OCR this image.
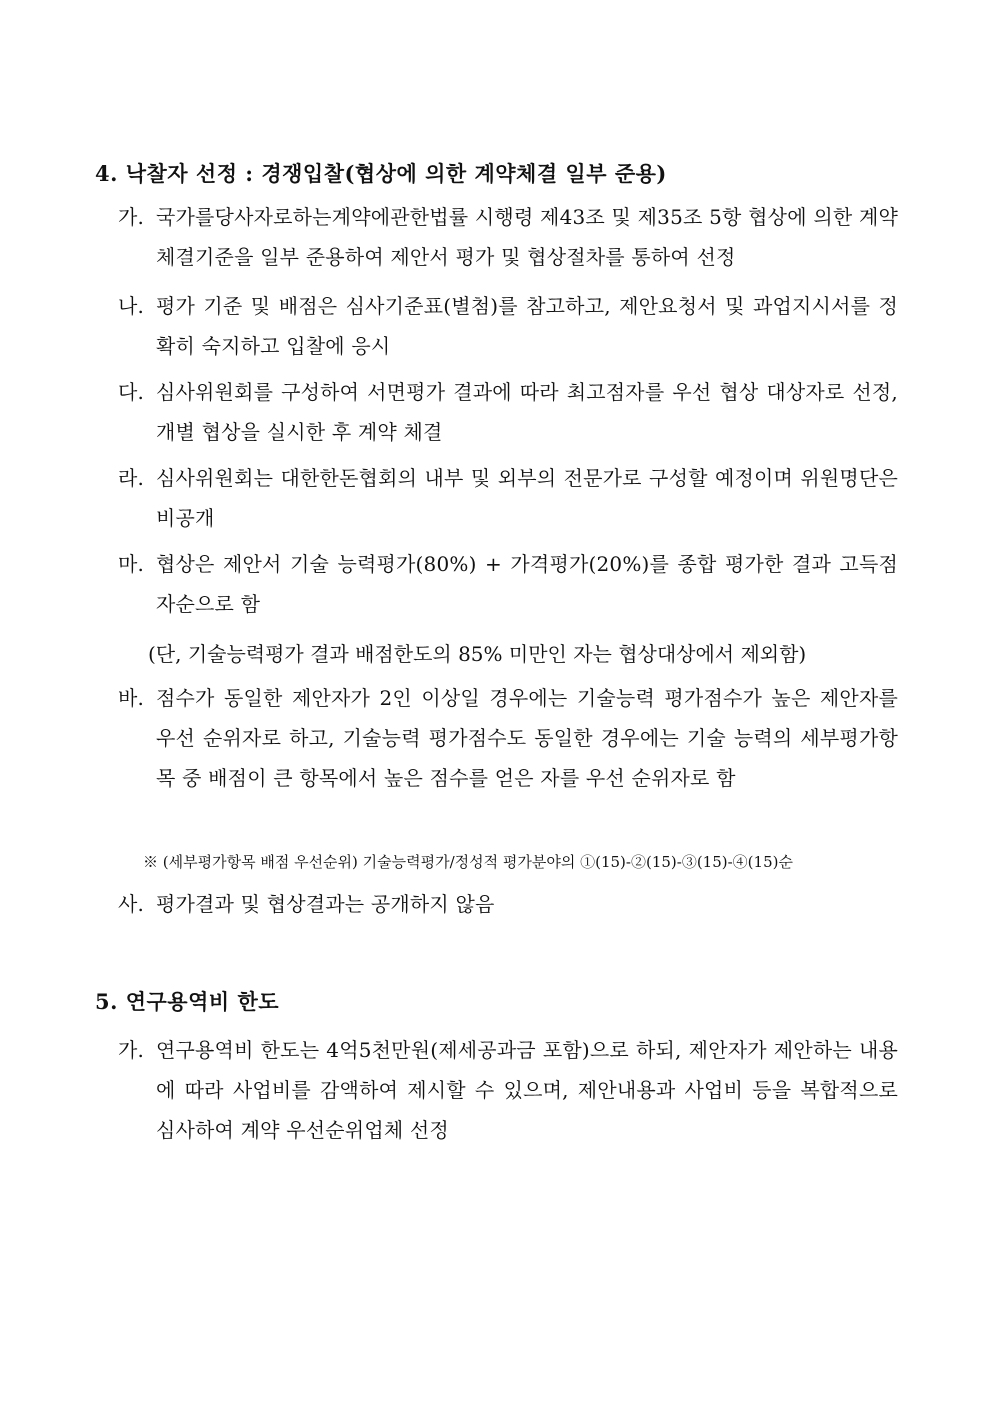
4. 낙찰자 선정 : 경쟁입찰(협상에 의한 계약체결 일부 준용)
가. 국가를당사자로하는계약에관한법률 시행령 제43조 및 제35조 5항 협상에 의한 계약체결기준을 일부 준용하여 제안서 평가 및 협상절차를 통하여 선정
나. 평가 기준 및 배점은 심사기준표(별첨)를 참고하고, 제안요청서 및 과업지시서를 정확히 숙지하고 입찰에 응시
다. 심사위원회를 구성하여 서면평가 결과에 따라 최고점자를 우선 협상 대상자로 선정, 개별 협상을 실시한 후 계약 체결
라. 심사위원회는 대한한돈협회의 내부 및 외부의 전문가로 구성할 예정이며 위원명단은 비공개
마. 협상은 제안서 기술 능력평가(80%) + 가격평가(20%)를 종합 평가한 결과 고득점자순으로 함
(단, 기술능력평가 결과 배점한도의 85% 미만인 자는 협상대상에서 제외함)
바. 점수가 동일한 제안자가 2인 이상일 경우에는 기술능력 평가점수가 높은 제안자를 우선 순위자로 하고, 기술능력 평가점수도 동일한 경우에는 기술 능력의 세부평가항목 중 배점이 큰 항목에서 높은 점수를 얻은 자를 우선 순위자로 함
※ (세부평가항목 배점 우선순위) 기술능력평가/정성적 평가분야의 ①(15)-②(15)-③(15)-④(15)순
사. 평가결과 및 협상결과는 공개하지 않음
5. 연구용역비 한도
가. 연구용역비 한도는 4억5천만원(제세공과금 포함)으로 하되, 제안자가 제안하는 내용에 따라 사업비를 감액하여 제시할 수 있으며, 제안내용과 사업비 등을 복합적으로 심사하여 계약 우선순위업체 선정
